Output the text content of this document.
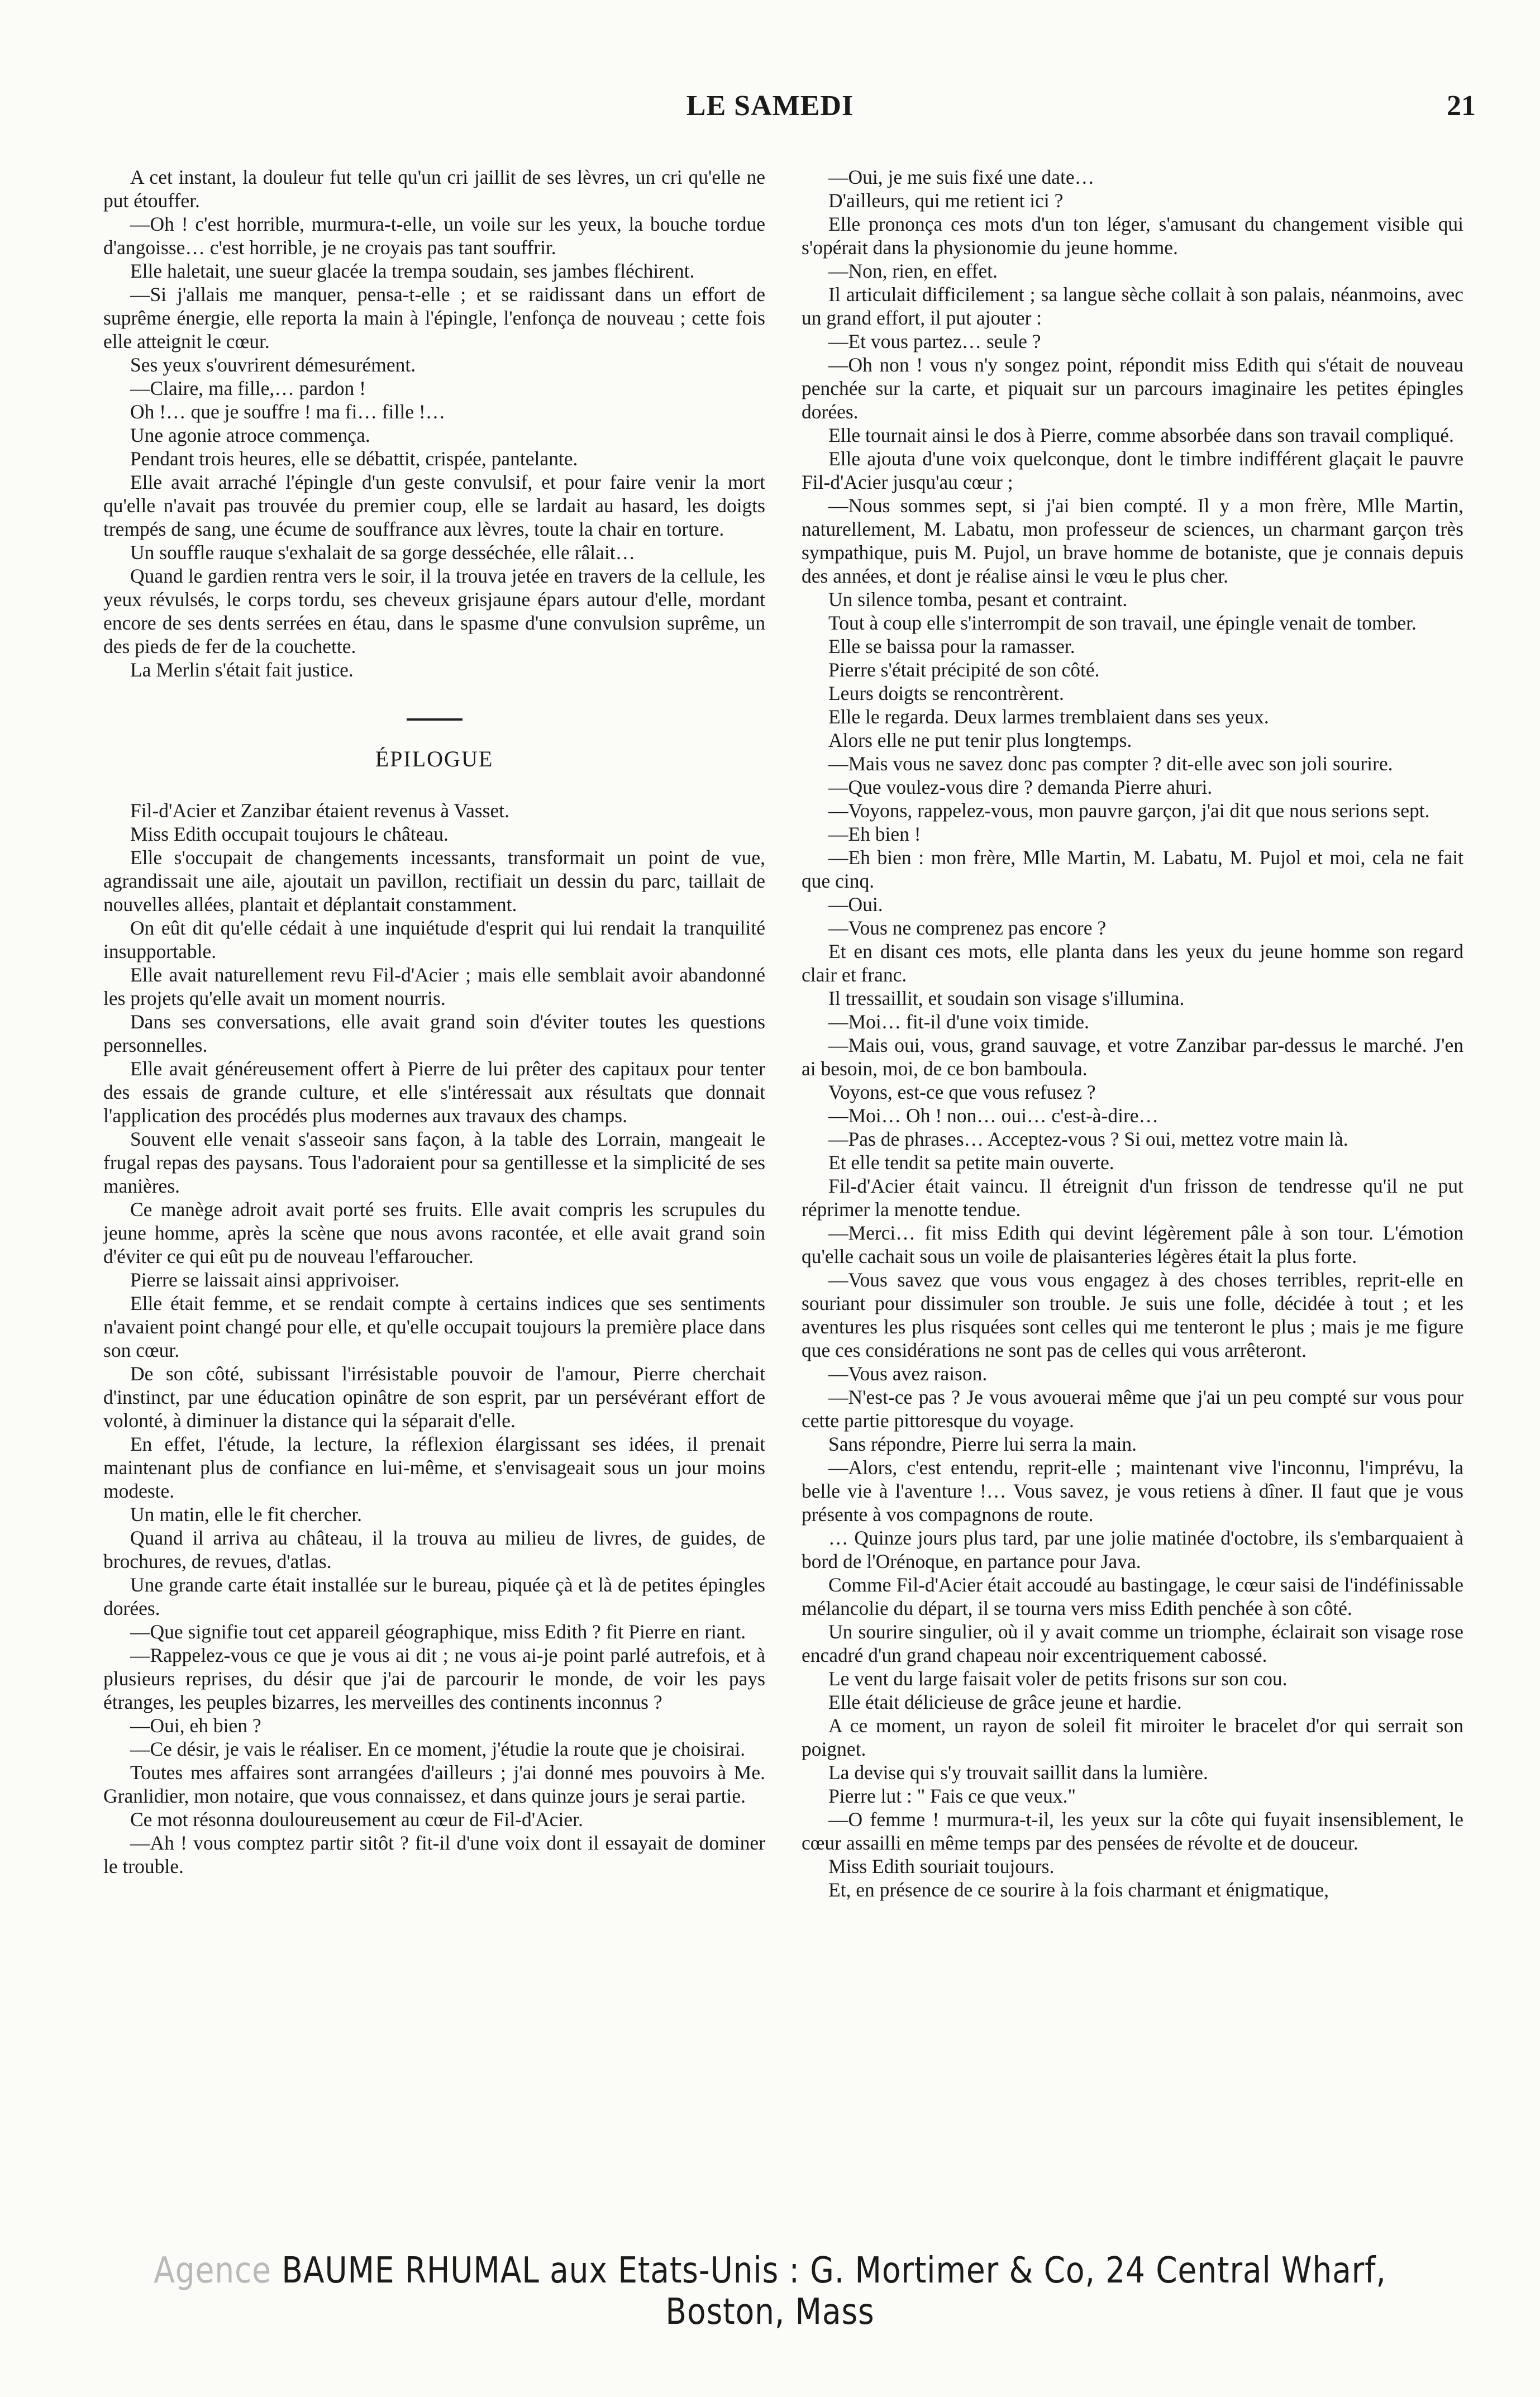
LE SAMEDI	21

A cet instant, la douleur fut telle qu'un cri jaillit de ses lèvres, un cri qu'elle ne put étouffer.

—Oh ! c'est horrible, murmura-t-elle, un voile sur les yeux, la bouche tordue d'angoisse… c'est horrible, je ne croyais pas tant souffrir.

Elle haletait, une sueur glacée la trempa soudain, ses jambes fléchirent.

—Si j'allais me manquer, pensa-t-elle ; et se raidissant dans un effort de suprême énergie, elle reporta la main à l'épingle, l'enfonça de nouveau ; cette fois elle atteignit le cœur.

Ses yeux s'ouvrirent démesurément.

—Claire, ma fille,… pardon !

Oh !… que je souffre ! ma fi… fille !…

Une agonie atroce commença.

Pendant trois heures, elle se débattit, crispée, pantelante.

Elle avait arraché l'épingle d'un geste convulsif, et pour faire venir la mort qu'elle n'avait pas trouvée du premier coup, elle se lardait au hasard, les doigts trempés de sang, une écume de souffrance aux lèvres, toute la chair en torture.

Un souffle rauque s'exhalait de sa gorge desséchée, elle râlait…

Quand le gardien rentra vers le soir, il la trouva jetée en travers de la cellule, les yeux révulsés, le corps tordu, ses cheveux grisjaune épars autour d'elle, mordant encore de ses dents serrées en étau, dans le spasme d'une convulsion suprême, un des pieds de fer de la couchette.

La Merlin s'était fait justice.

ÉPILOGUE

Fil-d'Acier et Zanzibar étaient revenus à Vasset.

Miss Edith occupait toujours le château.

Elle s'occupait de changements incessants, transformait un point de vue, agrandissait une aile, ajoutait un pavillon, rectifiait un dessin du parc, taillait de nouvelles allées, plantait et déplantait constamment.

On eût dit qu'elle cédait à une inquiétude d'esprit qui lui rendait la tranquilité insupportable.

Elle avait naturellement revu Fil-d'Acier ; mais elle semblait avoir abandonné les projets qu'elle avait un moment nourris.

Dans ses conversations, elle avait grand soin d'éviter toutes les questions personnelles.

Elle avait généreusement offert à Pierre de lui prêter des capitaux pour tenter des essais de grande culture, et elle s'intéressait aux résultats que donnait l'application des procédés plus modernes aux travaux des champs.

Souvent elle venait s'asseoir sans façon, à la table des Lorrain, mangeait le frugal repas des paysans. Tous l'adoraient pour sa gentillesse et la simplicité de ses manières.

Ce manège adroit avait porté ses fruits. Elle avait compris les scrupules du jeune homme, après la scène que nous avons racontée, et elle avait grand soin d'éviter ce qui eût pu de nouveau l'effaroucher.

Pierre se laissait ainsi apprivoiser.

Elle était femme, et se rendait compte à certains indices que ses sentiments n'avaient point changé pour elle, et qu'elle occupait toujours la première place dans son cœur.

De son côté, subissant l'irrésistable pouvoir de l'amour, Pierre cherchait d'instinct, par une éducation opinâtre de son esprit, par un persévérant effort de volonté, à diminuer la distance qui la séparait d'elle.

En effet, l'étude, la lecture, la réflexion élargissant ses idées, il prenait maintenant plus de confiance en lui-même, et s'envisageait sous un jour moins modeste.

Un matin, elle le fit chercher.

Quand il arriva au château, il la trouva au milieu de livres, de guides, de brochures, de revues, d'atlas.

Une grande carte était installée sur le bureau, piquée çà et là de petites épingles dorées.

—Que signifie tout cet appareil géographique, miss Edith ? fit Pierre en riant.

—Rappelez-vous ce que je vous ai dit ; ne vous ai-je point parlé autrefois, et à plusieurs reprises, du désir que j'ai de parcourir le monde, de voir les pays étranges, les peuples bizarres, les merveilles des continents inconnus ?

—Oui, eh bien ?

—Ce désir, je vais le réaliser. En ce moment, j'étudie la route que je choisirai.

Toutes mes affaires sont arrangées d'ailleurs ; j'ai donné mes pouvoirs à Me. Granlidier, mon notaire, que vous connaissez, et dans quinze jours je serai partie.

Ce mot résonna douloureusement au cœur de Fil-d'Acier.

—Ah ! vous comptez partir sitôt ? fit-il d'une voix dont il essayait de dominer le trouble.

—Oui, je me suis fixé une date…

D'ailleurs, qui me retient ici ?

Elle prononça ces mots d'un ton léger, s'amusant du changement visible qui s'opérait dans la physionomie du jeune homme.

—Non, rien, en effet.

Il articulait difficilement ; sa langue sèche collait à son palais, néanmoins, avec un grand effort, il put ajouter :

—Et vous partez… seule ?

—Oh non ! vous n'y songez point, répondit miss Edith qui s'était de nouveau penchée sur la carte, et piquait sur un parcours imaginaire les petites épingles dorées.

Elle tournait ainsi le dos à Pierre, comme absorbée dans son travail compliqué.

Elle ajouta d'une voix quelconque, dont le timbre indifférent glaçait le pauvre Fil-d'Acier jusqu'au cœur ;

—Nous sommes sept, si j'ai bien compté. Il y a mon frère, Mlle Martin, naturellement, M. Labatu, mon professeur de sciences, un charmant garçon très sympathique, puis M. Pujol, un brave homme de botaniste, que je connais depuis des années, et dont je réalise ainsi le vœu le plus cher.

Un silence tomba, pesant et contraint.

Tout à coup elle s'interrompit de son travail, une épingle venait de tomber.

Elle se baissa pour la ramasser.

Pierre s'était précipité de son côté.

Leurs doigts se rencontrèrent.

Elle le regarda. Deux larmes tremblaient dans ses yeux.

Alors elle ne put tenir plus longtemps.

—Mais vous ne savez donc pas compter ? dit-elle avec son joli sourire.

—Que voulez-vous dire ? demanda Pierre ahuri.

—Voyons, rappelez-vous, mon pauvre garçon, j'ai dit que nous serions sept.

—Eh bien !

—Eh bien : mon frère, Mlle Martin, M. Labatu, M. Pujol et moi, cela ne fait que cinq.

—Oui.

—Vous ne comprenez pas encore ?

Et en disant ces mots, elle planta dans les yeux du jeune homme son regard clair et franc.

Il tressaillit, et soudain son visage s'illumina.

—Moi… fit-il d'une voix timide.

—Mais oui, vous, grand sauvage, et votre Zanzibar par-dessus le marché. J'en ai besoin, moi, de ce bon bamboula.

Voyons, est-ce que vous refusez ?

—Moi… Oh ! non… oui… c'est-à-dire…

—Pas de phrases… Acceptez-vous ? Si oui, mettez votre main là.

Et elle tendit sa petite main ouverte.

Fil-d'Acier était vaincu. Il étreignit d'un frisson de tendresse qu'il ne put réprimer la menotte tendue.

—Merci… fit miss Edith qui devint légèrement pâle à son tour. L'émotion qu'elle cachait sous un voile de plaisanteries légères était la plus forte.

—Vous savez que vous vous engagez à des choses terribles, reprit-elle en souriant pour dissimuler son trouble. Je suis une folle, décidée à tout ; et les aventures les plus risquées sont celles qui me tenteront le plus ; mais je me figure que ces considérations ne sont pas de celles qui vous arrêteront.

—Vous avez raison.

—N'est-ce pas ? Je vous avouerai même que j'ai un peu compté sur vous pour cette partie pittoresque du voyage.

Sans répondre, Pierre lui serra la main.

—Alors, c'est entendu, reprit-elle ; maintenant vive l'inconnu, l'imprévu, la belle vie à l'aventure !… Vous savez, je vous retiens à dîner. Il faut que je vous présente à vos compagnons de route.

… Quinze jours plus tard, par une jolie matinée d'octobre, ils s'embarquaient à bord de l'Orénoque, en partance pour Java.

Comme Fil-d'Acier était accoudé au bastingage, le cœur saisi de l'indéfinissable mélancolie du départ, il se tourna vers miss Edith penchée à son côté.

Un sourire singulier, où il y avait comme un triomphe, éclairait son visage rose encadré d'un grand chapeau noir excentriquement cabossé.

Le vent du large faisait voler de petits frisons sur son cou.

Elle était délicieuse de grâce jeune et hardie.

A ce moment, un rayon de soleil fit miroiter le bracelet d'or qui serrait son poignet.

La devise qui s'y trouvait saillit dans la lumière.

Pierre lut : " Fais ce que veux."

—O femme ! murmura-t-il, les yeux sur la côte qui fuyait insensiblement, le cœur assailli en même temps par des pensées de révolte et de douceur.

Miss Edith souriait toujours.

Et, en présence de ce sourire à la fois charmant et énigmatique,

Agence BAUME RHUMAL aux Etats-Unis : G. Mortimer & Co, 24 Central Wharf, Boston, Mass
